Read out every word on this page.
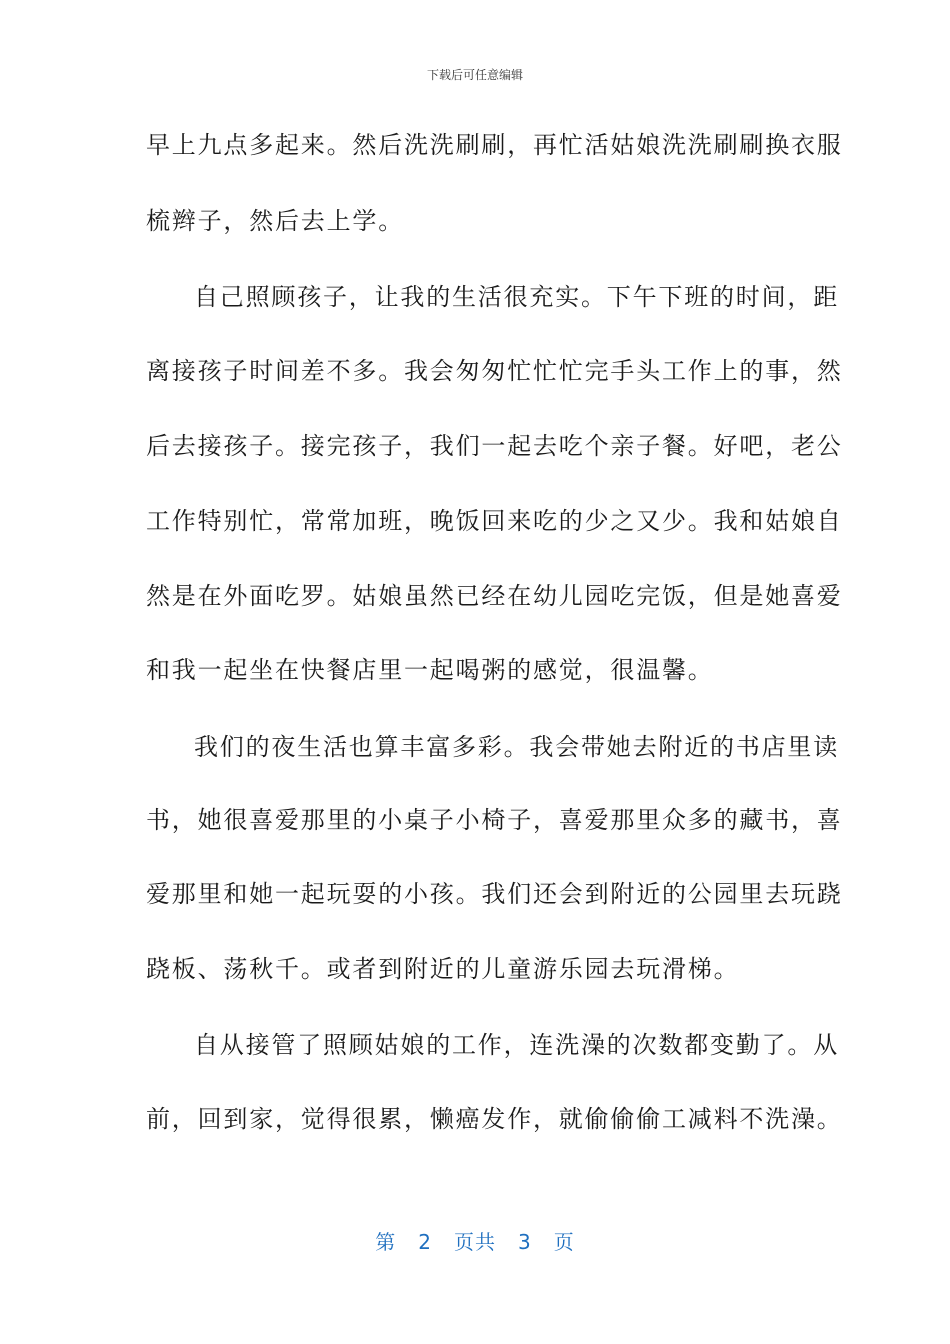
下载后可任意编辑
早上九点多起来。然后洗洗刷刷，再忙活姑娘洗洗刷刷换衣服
梳辫子，然后去上学。
自己照顾孩子，让我的生活很充实。下午下班的时间，距
离接孩子时间差不多。我会匆匆忙忙忙完手头工作上的事，然
后去接孩子。接完孩子，我们一起去吃个亲子餐。好吧，老公
工作特别忙，常常加班，晚饭回来吃的少之又少。我和姑娘自
然是在外面吃罗。姑娘虽然已经在幼儿园吃完饭，但是她喜爱
和我一起坐在快餐店里一起喝粥的感觉，很温馨。
我们的夜生活也算丰富多彩。我会带她去附近的书店里读
书，她很喜爱那里的小桌子小椅子，喜爱那里众多的藏书，喜
爱那里和她一起玩耍的小孩。我们还会到附近的公园里去玩跷
跷板、荡秋千。或者到附近的儿童游乐园去玩滑梯。
自从接管了照顾姑娘的工作，连洗澡的次数都变勤了。从
前，回到家，觉得很累，懒癌发作，就偷偷偷工减料不洗澡。
第 2 页共 3 页
